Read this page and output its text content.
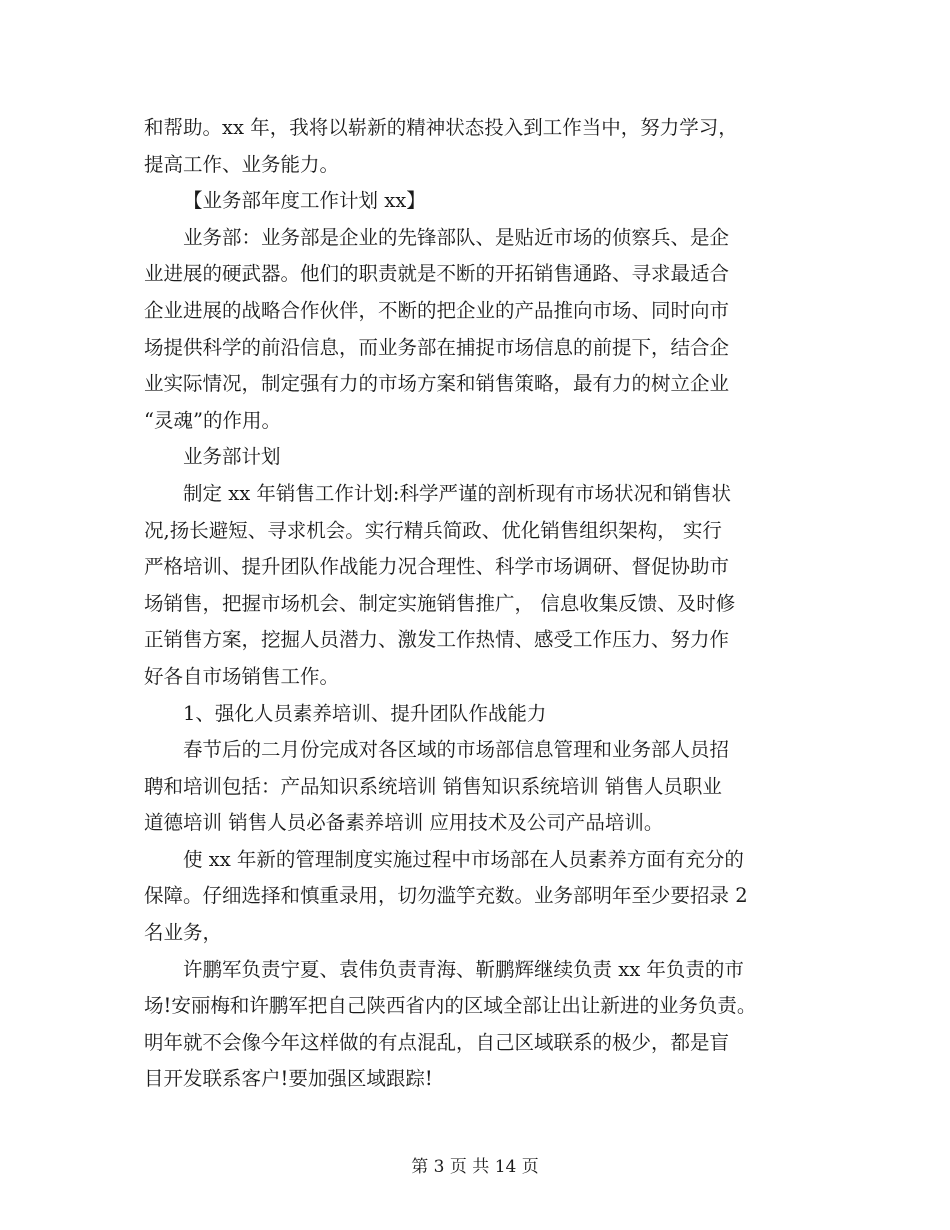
和帮助。xx 年，我将以崭新的精神状态投入到工作当中，努力学习，
提高工作、业务能力。
【业务部年度工作计划 xx】
业务部：业务部是企业的先锋部队、是贴近市场的侦察兵、是企
业进展的硬武器。他们的职责就是不断的开拓销售通路、寻求最适合
企业进展的战略合作伙伴，不断的把企业的产品推向市场、同时向市
场提供科学的前沿信息，而业务部在捕捉市场信息的前提下，结合企
业实际情况，制定强有力的市场方案和销售策略，最有力的树立企业
“灵魂”的作用。
业务部计划
制定 xx 年销售工作计划:科学严谨的剖析现有市场状况和销售状
况,扬长避短、寻求机会。实行精兵简政、优化销售组织架构， 实行
严格培训、提升团队作战能力况合理性、科学市场调研、督促协助市
场销售，把握市场机会、制定实施销售推广， 信息收集反馈、及时修
正销售方案，挖掘人员潜力、激发工作热情、感受工作压力、努力作
好各自市场销售工作。
1、强化人员素养培训、提升团队作战能力
春节后的二月份完成对各区域的市场部信息管理和业务部人员招
聘和培训包括：产品知识系统培训 销售知识系统培训 销售人员职业
道德培训 销售人员必备素养培训 应用技术及公司产品培训。
使 xx 年新的管理制度实施过程中市场部在人员素养方面有充分的
保障。仔细选择和慎重录用，切勿滥竽充数。业务部明年至少要招录 2
名业务，
许鹏军负责宁夏、袁伟负责青海、靳鹏辉继续负责 xx 年负责的市
场!安丽梅和许鹏军把自己陕西省内的区域全部让出让新进的业务负责。
明年就不会像今年这样做的有点混乱，自己区域联系的极少，都是盲
目开发联系客户!要加强区域跟踪!
第 3 页 共 14 页
